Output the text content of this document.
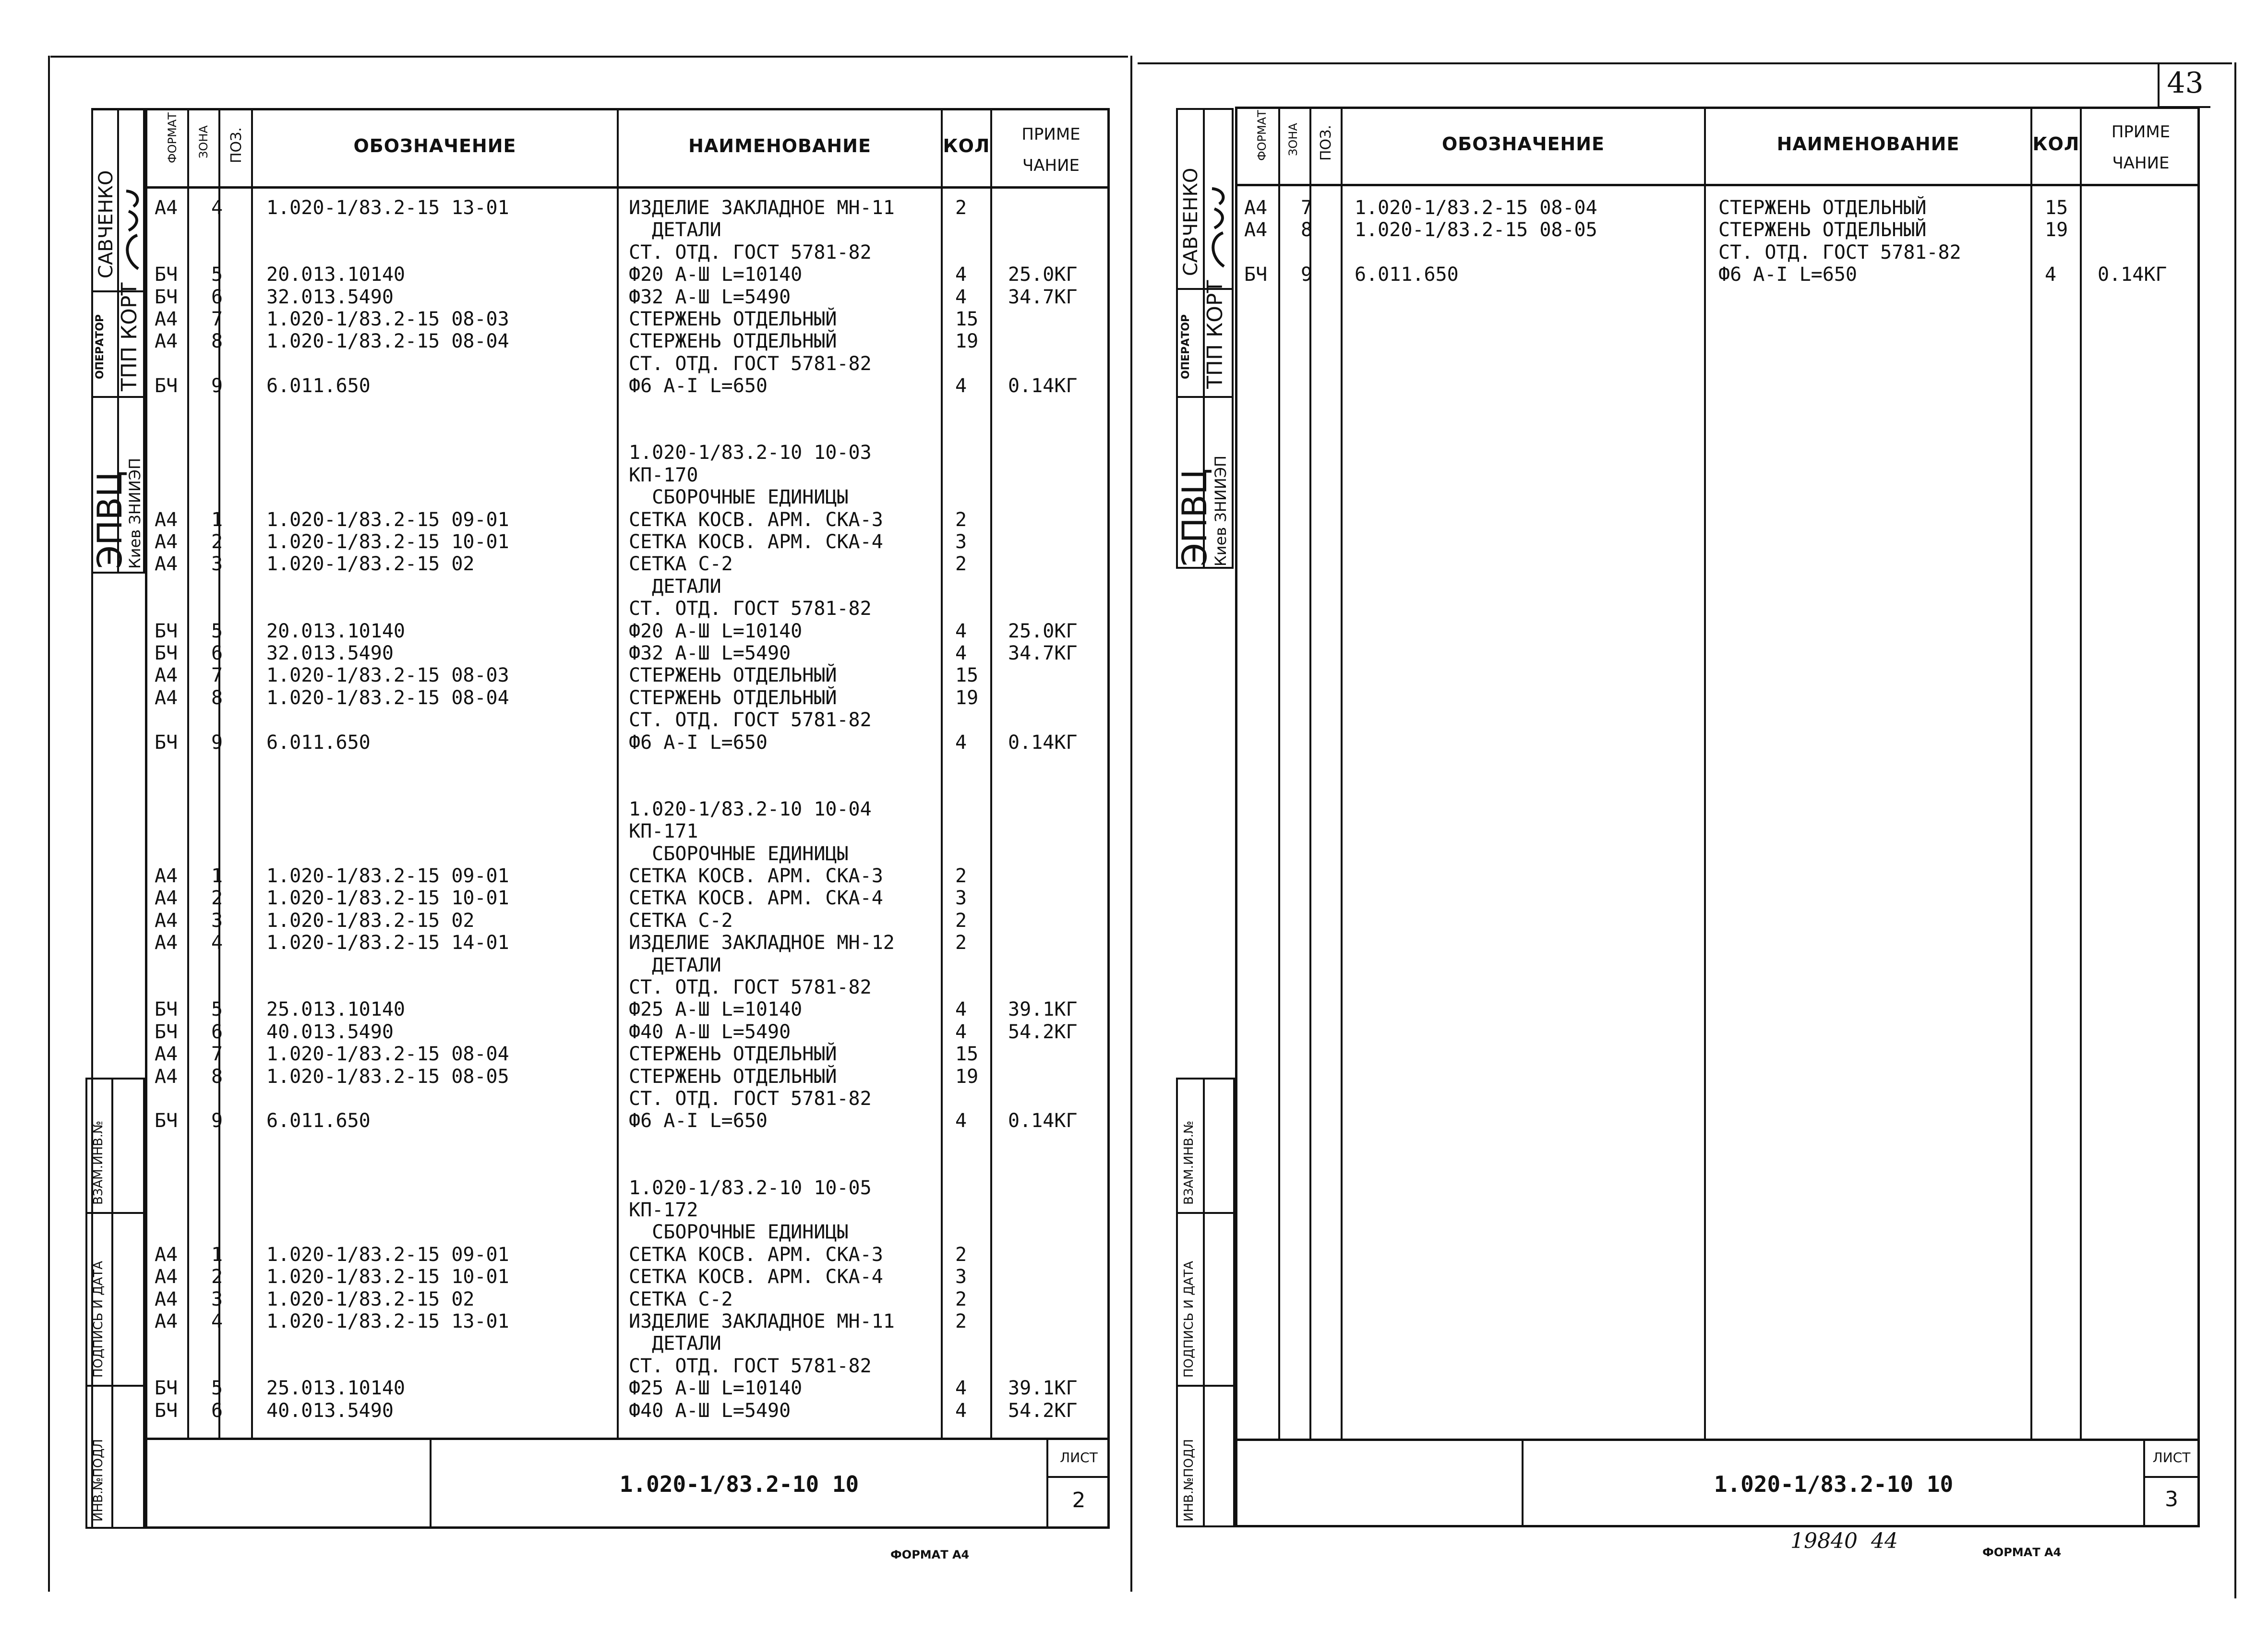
ФОРМАТ ЗОНА ПОЗ.	ОБОЗНАЧЕНИЕ	НАИМЕНОВАНИЕ	КОЛ
ПРИМЕ
ЧАНИЕ
А4 4 1.020-1/83.2-15 13-01	ИЗДЕЛИЕ ЗАКЛАДНОЕ МН-11	2
ДЕТАЛИ
СТ. ОТД. ГОСТ 5781-82
БЧ 5 20.013.10140	Ф20 А-Ш L=10140	4 25.0КГ
БЧ 6 32.013.5490	Ф32 А-Ш L=5490	4 34.7КГ
А4 7 1.020-1/83.2-15 08-03	СТЕРЖЕНЬ ОТДЕЛЬНЫЙ	15
А4 8 1.020-1/83.2-15 08-04	СТЕРЖЕНЬ ОТДЕЛЬНЫЙ	19
СТ. ОТД. ГОСТ 5781-82
БЧ 9 6.011.650	Ф6 А-I L=650	4 0.14КГ
1.020-1/83.2-10 10-03
КП-170
СБОРОЧНЫЕ ЕДИНИЦЫ
А4 1 1.020-1/83.2-15 09-01	СЕТКА КОСВ. АРМ. СКА-3	2
А4 2 1.020-1/83.2-15 10-01	СЕТКА КОСВ. АРМ. СКА-4	3
А4 3 1.020-1/83.2-15 02	СЕТКА С-2	2
ДЕТАЛИ
СТ. ОТД. ГОСТ 5781-82
БЧ 5 20.013.10140	Ф20 А-Ш L=10140	4 25.0КГ
БЧ 6 32.013.5490	Ф32 А-Ш L=5490	4 34.7КГ
А4 7 1.020-1/83.2-15 08-03	СТЕРЖЕНЬ ОТДЕЛЬНЫЙ	15
А4 8 1.020-1/83.2-15 08-04	СТЕРЖЕНЬ ОТДЕЛЬНЫЙ	19
СТ. ОТД. ГОСТ 5781-82
БЧ 9 6.011.650	Ф6 А-I L=650	4 0.14КГ
1.020-1/83.2-10 10-04
КП-171
СБОРОЧНЫЕ ЕДИНИЦЫ
А4 1 1.020-1/83.2-15 09-01	СЕТКА КОСВ. АРМ. СКА-3	2
А4 2 1.020-1/83.2-15 10-01	СЕТКА КОСВ. АРМ. СКА-4	3
А4 3 1.020-1/83.2-15 02	СЕТКА С-2	2
А4 4 1.020-1/83.2-15 14-01	ИЗДЕЛИЕ ЗАКЛАДНОЕ МН-12	2
ДЕТАЛИ
СТ. ОТД. ГОСТ 5781-82
БЧ 5 25.013.10140	Ф25 А-Ш L=10140	4 39.1КГ
БЧ 6 40.013.5490	Ф40 А-Ш L=5490	4 54.2КГ
А4 7 1.020-1/83.2-15 08-04	СТЕРЖЕНЬ ОТДЕЛЬНЫЙ	15
А4 8 1.020-1/83.2-15 08-05	СТЕРЖЕНЬ ОТДЕЛЬНЫЙ	19
СТ. ОТД. ГОСТ 5781-82
БЧ 9 6.011.650	Ф6 А-I L=650	4 0.14КГ
1.020-1/83.2-10 10-05
КП-172
СБОРОЧНЫЕ ЕДИНИЦЫ
А4 1 1.020-1/83.2-15 09-01	СЕТКА КОСВ. АРМ. СКА-3	2
А4 2 1.020-1/83.2-15 10-01	СЕТКА КОСВ. АРМ. СКА-4	3
А4 3 1.020-1/83.2-15 02	СЕТКА С-2	2
А4 4 1.020-1/83.2-15 13-01	ИЗДЕЛИЕ ЗАКЛАДНОЕ МН-11	2
ДЕТАЛИ
СТ. ОТД. ГОСТ 5781-82
БЧ 5 25.013.10140	Ф25 А-Ш L=10140	4 39.1КГ
БЧ 6 40.013.5490	Ф40 А-Ш L=5490	4 54.2КГ
ЛИСТ
2
1.020-1/83.2-10 10
ФОРМАТ А4
САВЧЕНКО
ОПЕРАТОР ТПП КОРТ
ЭПВЦ
Киев ЗНИИЭП
ВЗАМ.ИНВ.№
ПОДПИСЬ И ДАТА
ИНВ.№ПОДЛ
ФОРМАТ ЗОНА ПОЗ.	ОБОЗНАЧЕНИЕ	НАИМЕНОВАНИЕ	КОЛ
ПРИМЕ
ЧАНИЕ
А4 7 1.020-1/83.2-15 08-04	СТЕРЖЕНЬ ОТДЕЛЬНЫЙ	15
А4 8 1.020-1/83.2-15 08-05	СТЕРЖЕНЬ ОТДЕЛЬНЫЙ	19
СТ. ОТД. ГОСТ 5781-82
БЧ 9 6.011.650	Ф6 А-I L=650	4 0.14КГ
ЛИСТ
3
1.020-1/83.2-10 10
ФОРМАТ А4
19840  44
43
САВЧЕНКО
ОПЕРАТОР ТПП КОРТ
ЭПВЦ
Киев ЗНИИЭП
ВЗАМ.ИНВ.№
ПОДПИСЬ И ДАТА
ИНВ.№ПОДЛ
